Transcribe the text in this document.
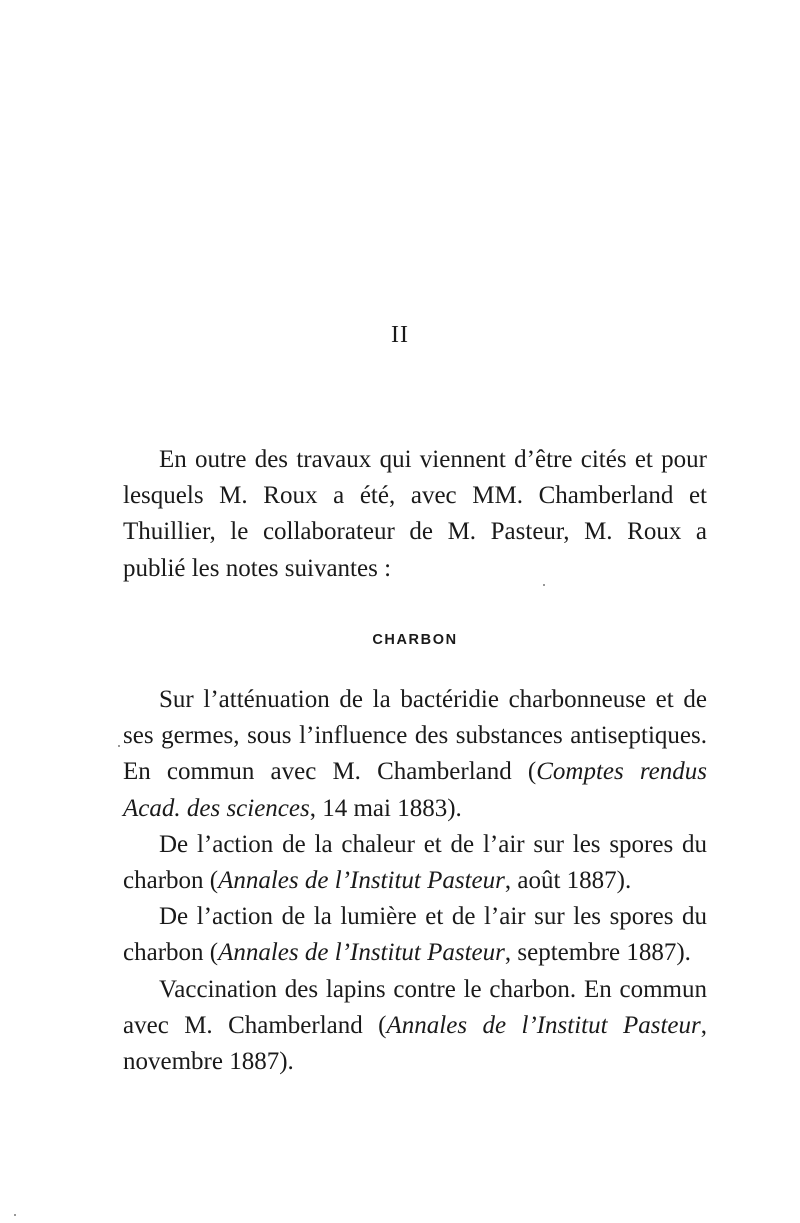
II

En outre des travaux qui viennent d’être cités et pour lesquels M. Roux a été, avec MM. Chamberland et Thuillier, le collaborateur de M. Pasteur, M. Roux a publié les notes suivantes :

CHARBON

Sur l’atténuation de la bactéridie charbonneuse et de ses germes, sous l’influence des substances antiseptiques. En commun avec M. Chamberland (Comptes rendus Acad. des sciences, 14 mai 1883).

De l’action de la chaleur et de l’air sur les spores du charbon (Annales de l’Institut Pasteur, août 1887).

De l’action de la lumière et de l’air sur les spores du charbon (Annales de l’Institut Pasteur, septembre 1887).

Vaccination des lapins contre le charbon. En commun avec M. Chamberland (Annales de l’Institut Pasteur, novembre 1887).
